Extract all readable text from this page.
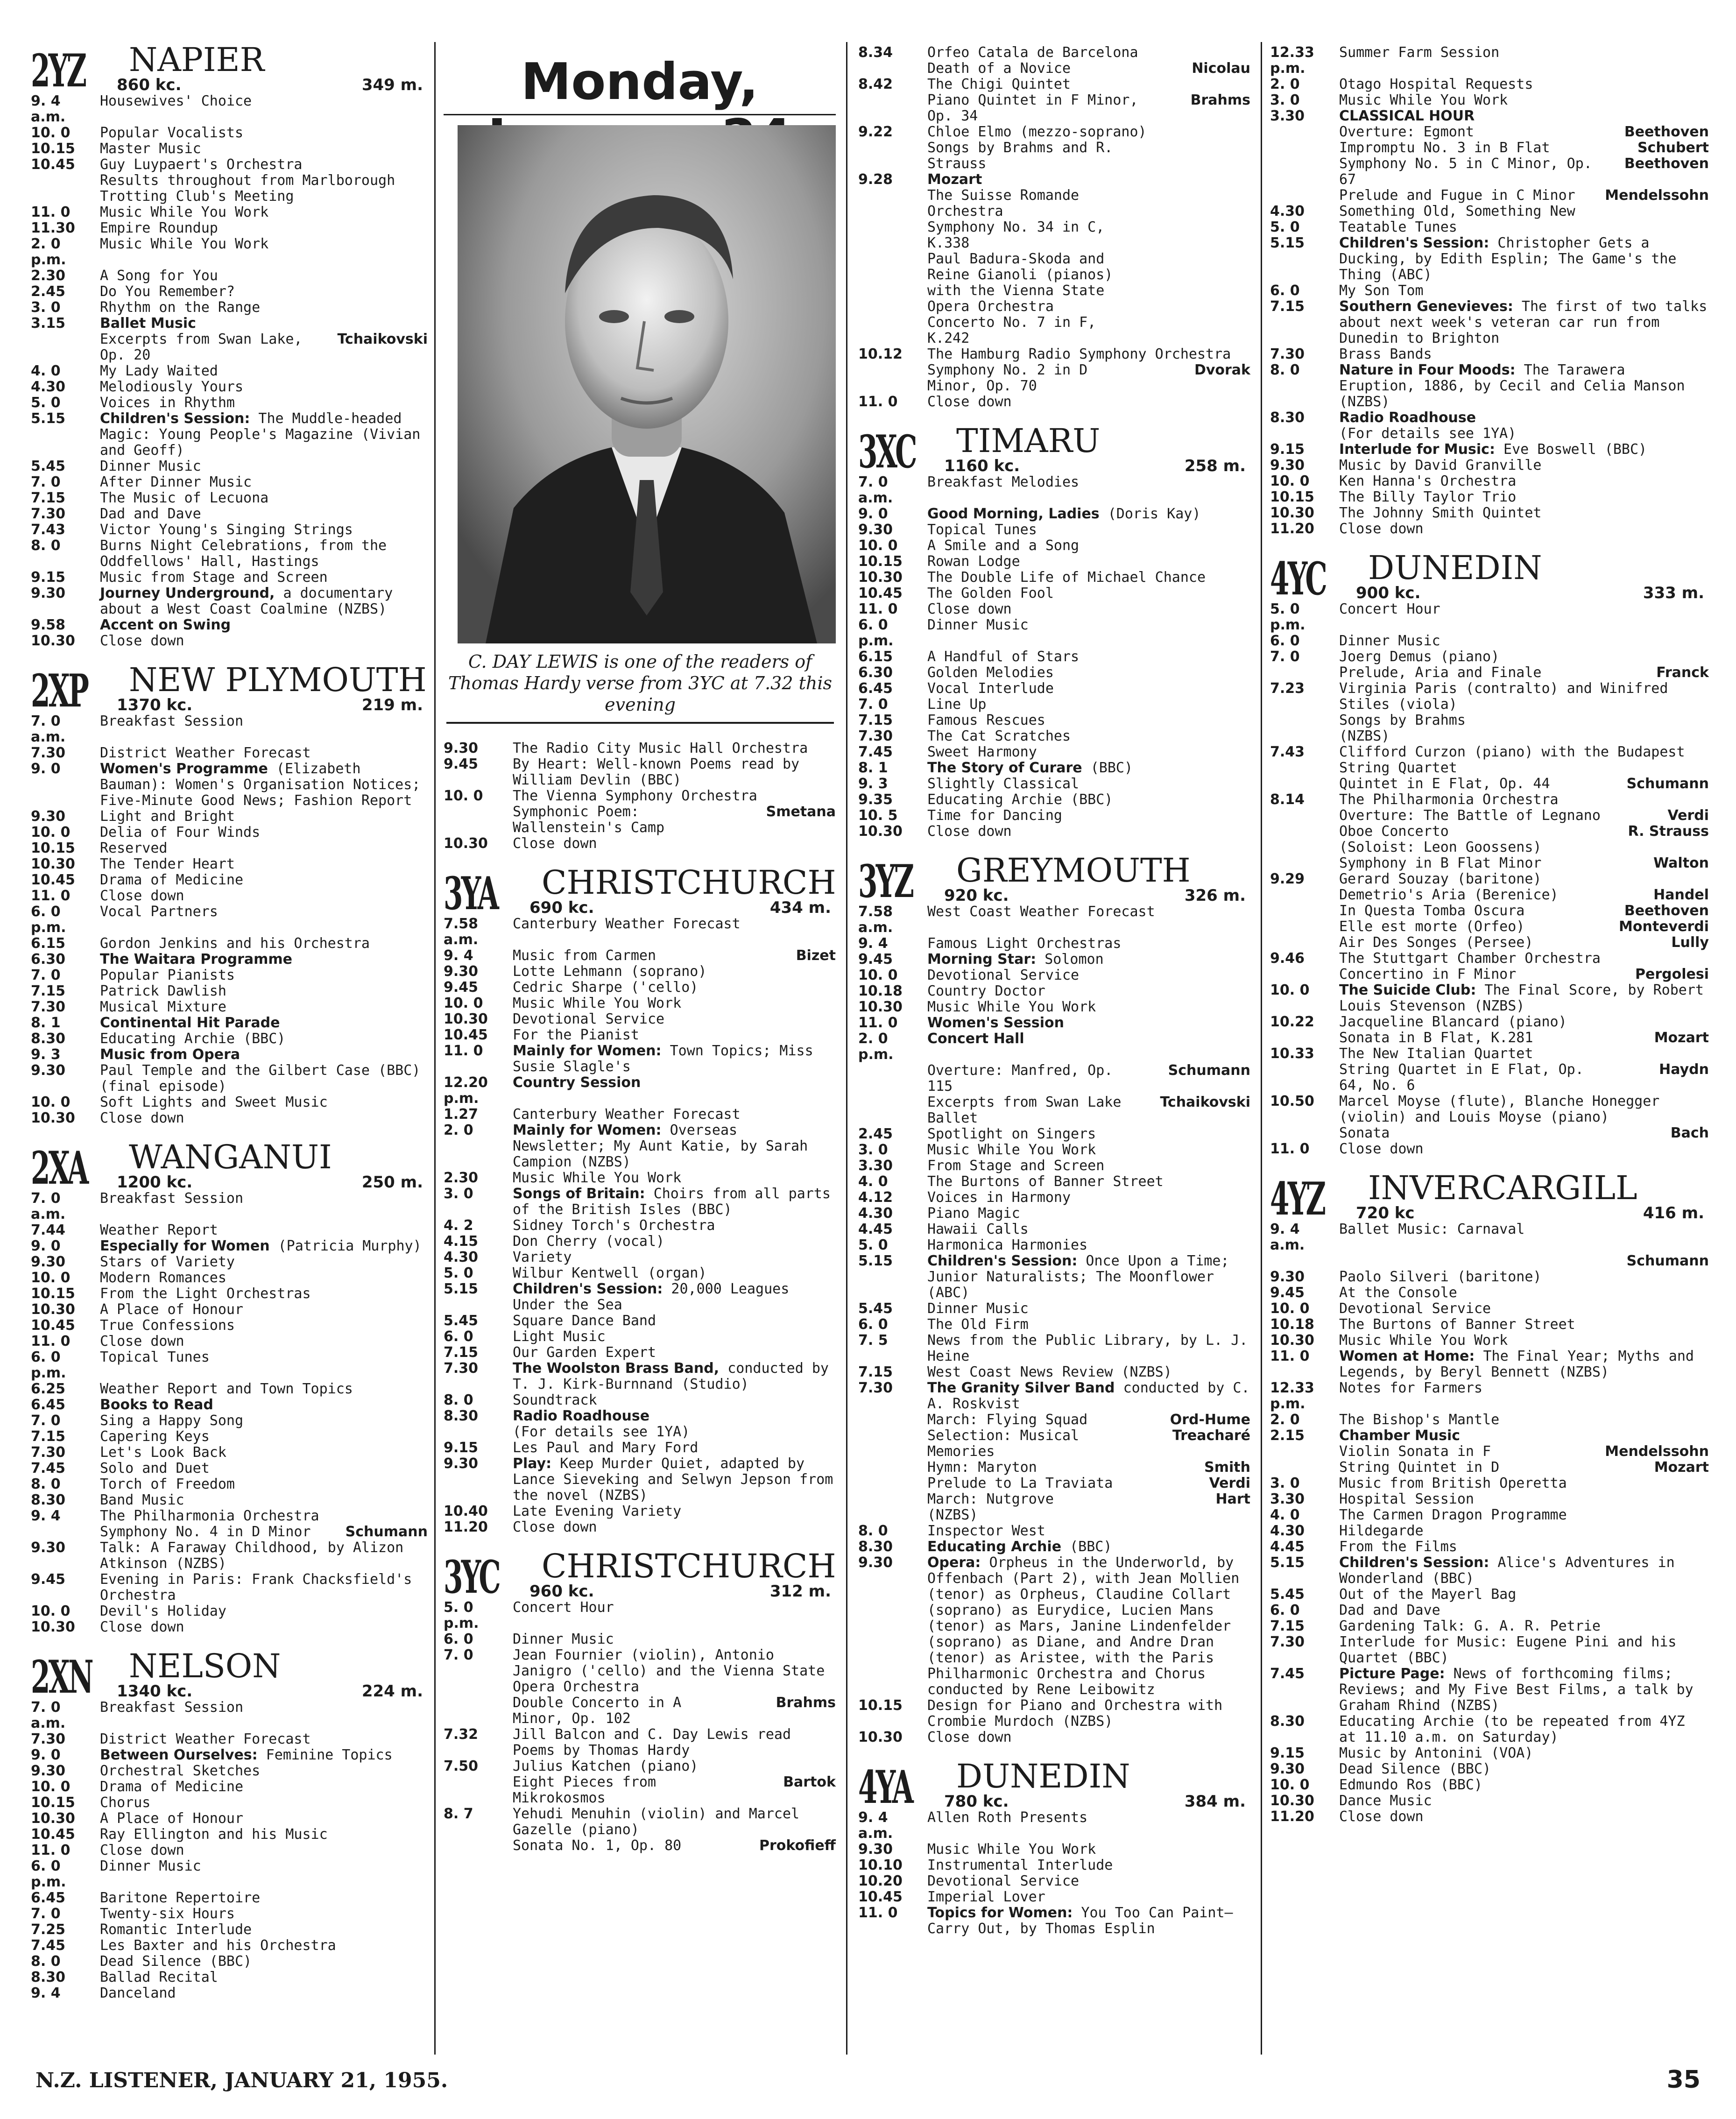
2YZ NAPIER
860 kc.	349 m.
9. 4 a.m.
Housewives' Choice
10. 0	Popular Vocalists
10.15	Master Music
10.45	Guy Luypaert's Orchestra
Results throughout from Marlborough Trotting Club's Meeting
11. 0	Music While You Work
11.30	Empire Roundup
2. 0 p.m.
Music While You Work
2.30	A Song for You
2.45	Do You Remember?
3. 0	Rhythm on the Range
3.15	Ballet Music
Excerpts from Swan Lake, Op. 20
Tchaikovski
4. 0	My Lady Waited
4.30	Melodiously Yours
5. 0	Voices in Rhythm
5.15	Children's Session: The Muddle-headed Magic: Young People's Magazine (Vivian and Geoff)
5.45	Dinner Music
7. 0	After Dinner Music
7.15	The Music of Lecuona
7.30	Dad and Dave
7.43	Victor Young's Singing Strings
8. 0	Burns Night Celebrations, from the Oddfellows' Hall, Hastings
9.15	Music from Stage and Screen
9.30	Journey Underground, a documentary about a West Coast Coalmine (NZBS)
9.58	Accent on Swing
10.30	Close down
2XP NEW PLYMOUTH
1370 kc.	219 m.
7. 0 a.m.
Breakfast Session
7.30	District Weather Forecast
9. 0	Women's Programme (Elizabeth Bauman): Women's Organisation Notices; Five-Minute Good News; Fashion Report
9.30	Light and Bright
10. 0	Delia of Four Winds
10.15	Reserved
10.30	The Tender Heart
10.45	Drama of Medicine
11. 0	Close down
6. 0 p.m.
Vocal Partners
6.15	Gordon Jenkins and his Orchestra
6.30	The Waitara Programme
7. 0	Popular Pianists
7.15	Patrick Dawlish
7.30	Musical Mixture
8. 1	Continental Hit Parade
8.30	Educating Archie (BBC)
9. 3	Music from Opera
9.30	Paul Temple and the Gilbert Case (BBC) (final episode)
10. 0	Soft Lights and Sweet Music
10.30	Close down
2XA WANGANUI
1200 kc.	250 m.
7. 0 a.m.
Breakfast Session
7.44	Weather Report
9. 0	Especially for Women (Patricia Murphy)
9.30	Stars of Variety
10. 0	Modern Romances
10.15	From the Light Orchestras
10.30	A Place of Honour
10.45	True Confessions
11. 0	Close down
6. 0 p.m.
Topical Tunes
6.25	Weather Report and Town Topics
6.45	Books to Read
7. 0	Sing a Happy Song
7.15	Capering Keys
7.30	Let's Look Back
7.45	Solo and Duet
8. 0	Torch of Freedom
8.30	Band Music
9. 4	The Philharmonia Orchestra
Symphony No. 4 in D Minor Schumann
9.30	Talk: A Faraway Childhood, by Alizon Atkinson (NZBS)
9.45	Evening in Paris: Frank Chacksfield's Orchestra
10. 0	Devil's Holiday
10.30	Close down
2XN NELSON
1340 kc.	224 m.
7. 0 a.m.
Breakfast Session
7.30	District Weather Forecast
9. 0	Between Ourselves: Feminine Topics
9.30	Orchestral Sketches
10. 0	Drama of Medicine
10.15	Chorus
10.30	A Place of Honour
10.45	Ray Ellington and his Music
11. 0	Close down
6. 0 p.m.
Dinner Music
6.45	Baritone Repertoire
7. 0	Twenty-six Hours
7.25	Romantic Interlude
7.45	Les Baxter and his Orchestra
8. 0	Dead Silence (BBC)
8.30	Ballad Recital
9. 4	Danceland
Monday,

C. DAY LEWIS is one of the readers of Thomas Hardy verse from 3YC at 7.32 this evening

9.30	The Radio City Music Hall Orchestra
9.45	By Heart: Well-known Poems read by William Devlin (BBC)
10. 0	The Vienna Symphony Orchestra
Symphonic Poem: Wallenstein's Camp
Smetana
10.30	Close down
3YA CHRISTCHURCH
690 kc.	434 m.
7.58 a.m.
Canterbury Weather Forecast
9. 4	Music from Carmen	Bizet
9.30	Lotte Lehmann (soprano)
9.45	Cedric Sharpe ('cello)
10. 0	Music While You Work
10.30	Devotional Service
10.45	For the Pianist
11. 0	Mainly for Women: Town Topics; Miss Susie Slagle's
12.20 p.m.
Country Session
1.27	Canterbury Weather Forecast
2. 0	Mainly for Women: Overseas Newsletter; My Aunt Katie, by Sarah Campion (NZBS)
2.30	Music While You Work
3. 0	Songs of Britain: Choirs from all parts of the British Isles (BBC)
4. 2	Sidney Torch's Orchestra
4.15	Don Cherry (vocal)
4.30	Variety
5. 0	Wilbur Kentwell (organ)
5.15	Children's Session: 20,000 Leagues Under the Sea
5.45	Square Dance Band
6. 0	Light Music
7.15	Our Garden Expert
7.30	The Woolston Brass Band, conducted by T. J. Kirk-Burnnand (Studio)
8. 0	Soundtrack
8.30	Radio Roadhouse
(For details see 1YA)
9.15	Les Paul and Mary Ford
9.30	Play: Keep Murder Quiet, adapted by Lance Sieveking and Selwyn Jepson from the novel (NZBS)
10.40	Late Evening Variety
11.20	Close down
3YC CHRISTCHURCH
960 kc.	312 m.
5. 0 p.m.
Concert Hour
6. 0	Dinner Music
7. 0	Jean Fournier (violin), Antonio Janigro ('cello) and the Vienna State Opera Orchestra
Double Concerto in A Minor, Op. 102
Brahms
7.32	Jill Balcon and C. Day Lewis read Poems by Thomas Hardy
7.50	Julius Katchen (piano)
Eight Pieces from Mikrokosmos
Bartok
8. 7	Yehudi Menuhin (violin) and Marcel Gazelle (piano)
Sonata No. 1, Op. 80	Prokofieff
8.34	Orfeo Catala de Barcelona
Death of a Novice	Nicolau
8.42	The Chigi Quintet
Piano Quintet in F Minor, Op. 34
Brahms
9.22	Chloe Elmo (mezzo-soprano)
Songs by Brahms and R. Strauss
9.28	Mozart
The Suisse Romande Orchestra
Symphony No. 34 in C, K.338
Paul Badura-Skoda and Reine Gianoli (pianos) with the Vienna State Opera Orchestra
Concerto No. 7 in F, K.242
10.12	The Hamburg Radio Symphony Orchestra
Symphony No. 2 in D Minor, Op. 70
Dvorak
11. 0	Close down
3XC TIMARU
1160 kc.	258 m.
7. 0 a.m.
Breakfast Melodies
9. 0	Good Morning, Ladies (Doris Kay)
9.30	Topical Tunes
10. 0	A Smile and a Song
10.15	Rowan Lodge
10.30	The Double Life of Michael Chance
10.45	The Golden Fool
11. 0	Close down
6. 0 p.m.
Dinner Music
6.15	A Handful of Stars
6.30	Golden Melodies
6.45	Vocal Interlude
7. 0	Line Up
7.15	Famous Rescues
7.30	The Cat Scratches
7.45	Sweet Harmony
8. 1	The Story of Curare (BBC)
9. 3	Slightly Classical
9.35	Educating Archie (BBC)
10. 5	Time for Dancing
10.30	Close down
3YZ GREYMOUTH
920 kc.	326 m.
7.58 a.m.
West Coast Weather Forecast
9. 4	Famous Light Orchestras
9.45	Morning Star: Solomon
10. 0	Devotional Service
10.18	Country Doctor
10.30	Music While You Work
11. 0	Women's Session
2. 0 p.m.
Concert Hall
Overture: Manfred, Op. 115
Schumann
Excerpts from Swan Lake Ballet
Tchaikovski
2.45	Spotlight on Singers
3. 0	Music While You Work
3.30	From Stage and Screen
4. 0	The Burtons of Banner Street
4.12	Voices in Harmony
4.30	Piano Magic
4.45	Hawaii Calls
5. 0	Harmonica Harmonies
5.15	Children's Session: Once Upon a Time; Junior Naturalists; The Moonflower (ABC)
5.45	Dinner Music
6. 0	The Old Firm
7. 5	News from the Public Library, by L. J. Heine
7.15	West Coast News Review (NZBS)
7.30	The Granity Silver Band conducted by C. A. Roskvist
March: Flying Squad	Ord-Hume
Selection: Musical Memories
Treacharé
Hymn: Maryton	Smith
Prelude to La Traviata	Verdi
March: Nutgrove	Hart
(NZBS)
8. 0	Inspector West
8.30	Educating Archie (BBC)
9.30	Opera: Orpheus in the Underworld, by Offenbach (Part 2), with Jean Mollien (tenor) as Orpheus, Claudine Collart (soprano) as Eurydice, Lucien Mans (tenor) as Mars, Janine Lindenfelder (soprano) as Diane, and Andre Dran (tenor) as Aristee, with the Paris Philharmonic Orchestra and Chorus conducted by Rene Leibowitz
10.15	Design for Piano and Orchestra with Crombie Murdoch (NZBS)
10.30	Close down
4YA DUNEDIN
780 kc.	384 m.
9. 4 a.m.
Allen Roth Presents
9.30	Music While You Work
10.10	Instrumental Interlude
10.20	Devotional Service
10.45	Imperial Lover
11. 0	Topics for Women: You Too Can Paint—Carry Out, by Thomas Esplin
12.33 p.m.
Summer Farm Session
2. 0	Otago Hospital Requests
3. 0	Music While You Work
3.30	CLASSICAL HOUR
Overture: Egmont	Beethoven
Impromptu No. 3 in B Flat	Schubert
Symphony No. 5 in C Minor, Op. 67
Beethoven
Prelude and Fugue in C Minor Mendelssohn
4.30	Something Old, Something New
5. 0	Teatable Tunes
5.15	Children's Session: Christopher Gets a Ducking, by Edith Esplin; The Game's the Thing (ABC)
6. 0	My Son Tom
7.15	Southern Genevieves: The first of two talks about next week's veteran car run from Dunedin to Brighton
7.30	Brass Bands
8. 0	Nature in Four Moods: The Tarawera Eruption, 1886, by Cecil and Celia Manson (NZBS)
8.30	Radio Roadhouse
(For details see 1YA)
9.15	Interlude for Music: Eve Boswell (BBC)
9.30	Music by David Granville
10. 0	Ken Hanna's Orchestra
10.15	The Billy Taylor Trio
10.30	The Johnny Smith Quintet
11.20	Close down
4YC DUNEDIN
900 kc.	333 m.
5. 0 p.m.
Concert Hour
6. 0	Dinner Music
7. 0	Joerg Demus (piano)
Prelude, Aria and Finale	Franck
7.23	Virginia Paris (contralto) and Winifred Stiles (viola)
Songs by Brahms
(NZBS)
7.43	Clifford Curzon (piano) with the Budapest String Quartet
Quintet in E Flat, Op. 44	Schumann
8.14	The Philharmonia Orchestra
Overture: The Battle of Legnano	Verdi
Oboe Concerto	R. Strauss
(Soloist: Leon Goossens)
Symphony in B Flat Minor	Walton
9.29	Gerard Souzay (baritone)
Demetrio's Aria (Berenice)	Handel
In Questa Tomba Oscura	Beethoven
Elle est morte (Orfeo)	Monteverdi
Air Des Songes (Persee)	Lully
9.46	The Stuttgart Chamber Orchestra
Concertino in F Minor	Pergolesi
10. 0	The Suicide Club: The Final Score, by Robert Louis Stevenson (NZBS)
10.22	Jacqueline Blancard (piano)
Sonata in B Flat, K.281	Mozart
10.33	The New Italian Quartet
String Quartet in E Flat, Op. 64, No. 6
Haydn
10.50	Marcel Moyse (flute), Blanche Honegger (violin) and Louis Moyse (piano)
Sonata	Bach
11. 0	Close down
4YZ INVERCARGILL
720 kc	416 m.
9. 4 a.m.
Ballet Music: Carnaval
Schumann
9.30	Paolo Silveri (baritone)
9.45	At the Console
10. 0	Devotional Service
10.18	The Burtons of Banner Street
10.30	Music While You Work
11. 0	Women at Home: The Final Year; Myths and Legends, by Beryl Bennett (NZBS)
12.33 p.m.
Notes for Farmers
2. 0	The Bishop's Mantle
2.15	Chamber Music
Violin Sonata in F	Mendelssohn
String Quintet in D	Mozart
3. 0	Music from British Operetta
3.30	Hospital Session
4. 0	The Carmen Dragon Programme
4.30	Hildegarde
4.45	From the Films
5.15	Children's Session: Alice's Adventures in Wonderland (BBC)
5.45	Out of the Mayerl Bag
6. 0	Dad and Dave
7.15	Gardening Talk: G. A. R. Petrie
7.30	Interlude for Music: Eugene Pini and his Quartet (BBC)
7.45	Picture Page: News of forthcoming films; Reviews; and My Five Best Films, a talk by Graham Rhind (NZBS)
8.30	Educating Archie (to be repeated from 4YZ at 11.10 a.m. on Saturday)
9.15	Music by Antonini (VOA)
9.30	Dead Silence (BBC)
10. 0	Edmundo Ros (BBC)
10.30	Dance Music
11.20	Close down
N.Z. LISTENER, JANUARY 21, 1955.	35
